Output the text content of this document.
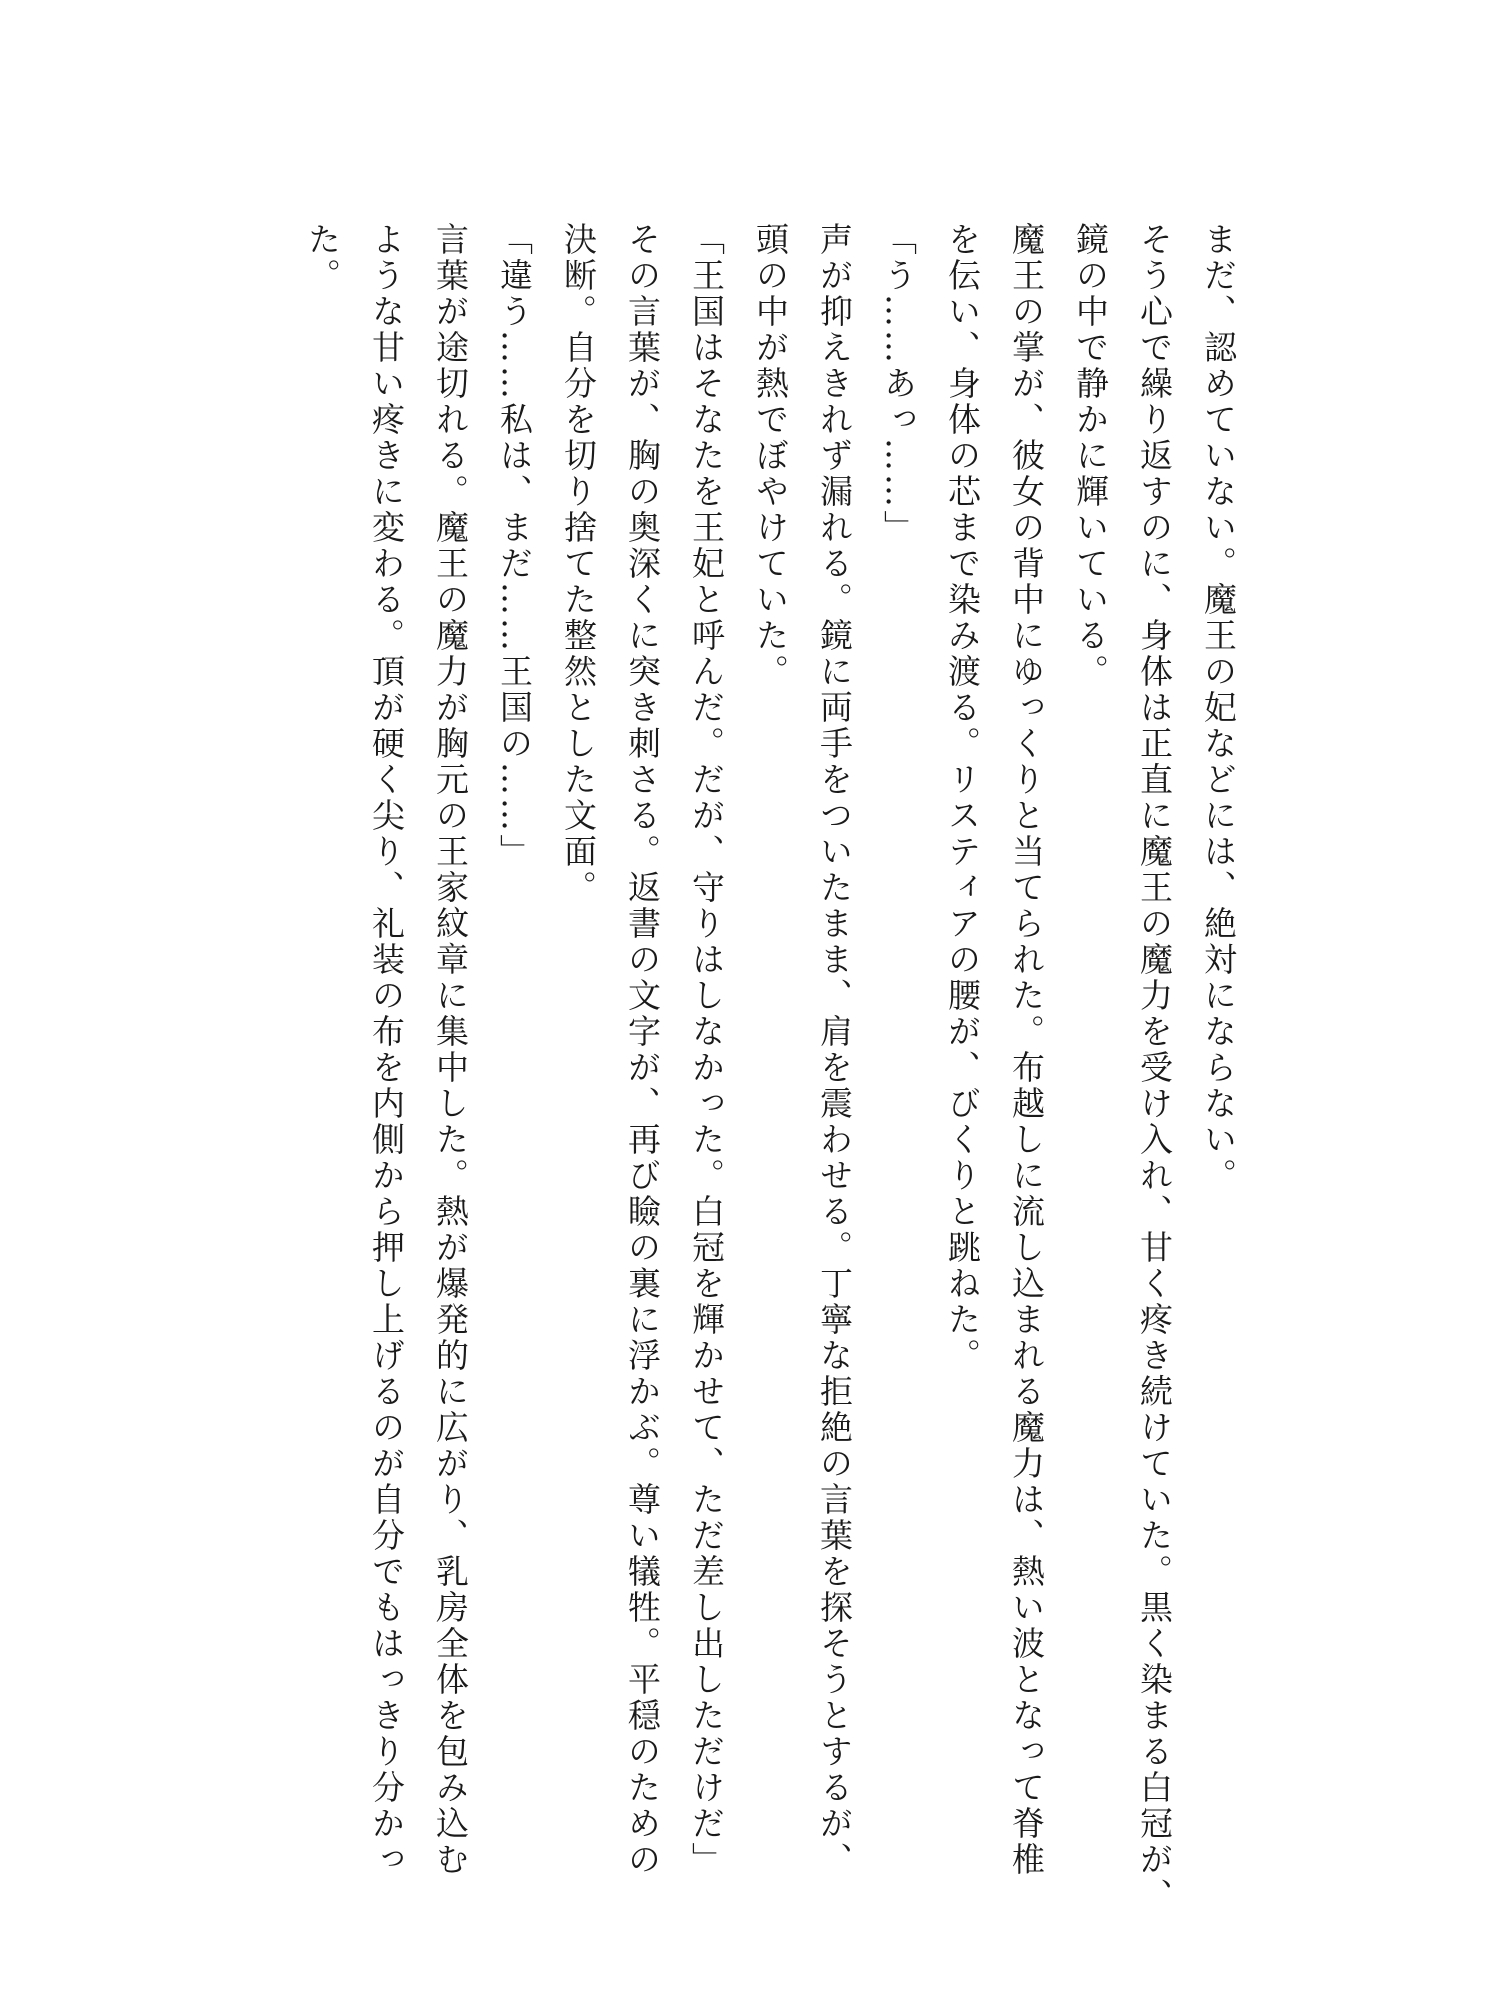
まだ、認めていない。魔王の妃などには、絶対にならない。
そう心で繰り返すのに、身体は正直に魔王の魔力を受け入れ、甘く疼き続けていた。黒く染まる白冠が、
鏡の中で静かに輝いている。
魔王の掌が、彼女の背中にゆっくりと当てられた。布越しに流し込まれる魔力は、熱い波となって脊椎
を伝い、身体の芯まで染み渡る。リスティアの腰が、びくりと跳ねた。
「う……あっ……」
声が抑えきれず漏れる。鏡に両手をついたまま、肩を震わせる。丁寧な拒絶の言葉を探そうとするが、
頭の中が熱でぼやけていた。
「王国はそなたを王妃と呼んだ。だが、守りはしなかった。白冠を輝かせて、ただ差し出しただけだ」
その言葉が、胸の奥深くに突き刺さる。返書の文字が、再び瞼の裏に浮かぶ。尊い犠牲。平穏のための
決断。自分を切り捨てた整然とした文面。
「違う……私は、まだ……王国の……」
言葉が途切れる。魔王の魔力が胸元の王家紋章に集中した。熱が爆発的に広がり、乳房全体を包み込む
ような甘い疼きに変わる。頂が硬く尖り、礼装の布を内側から押し上げるのが自分でもはっきり分かっ
た。
